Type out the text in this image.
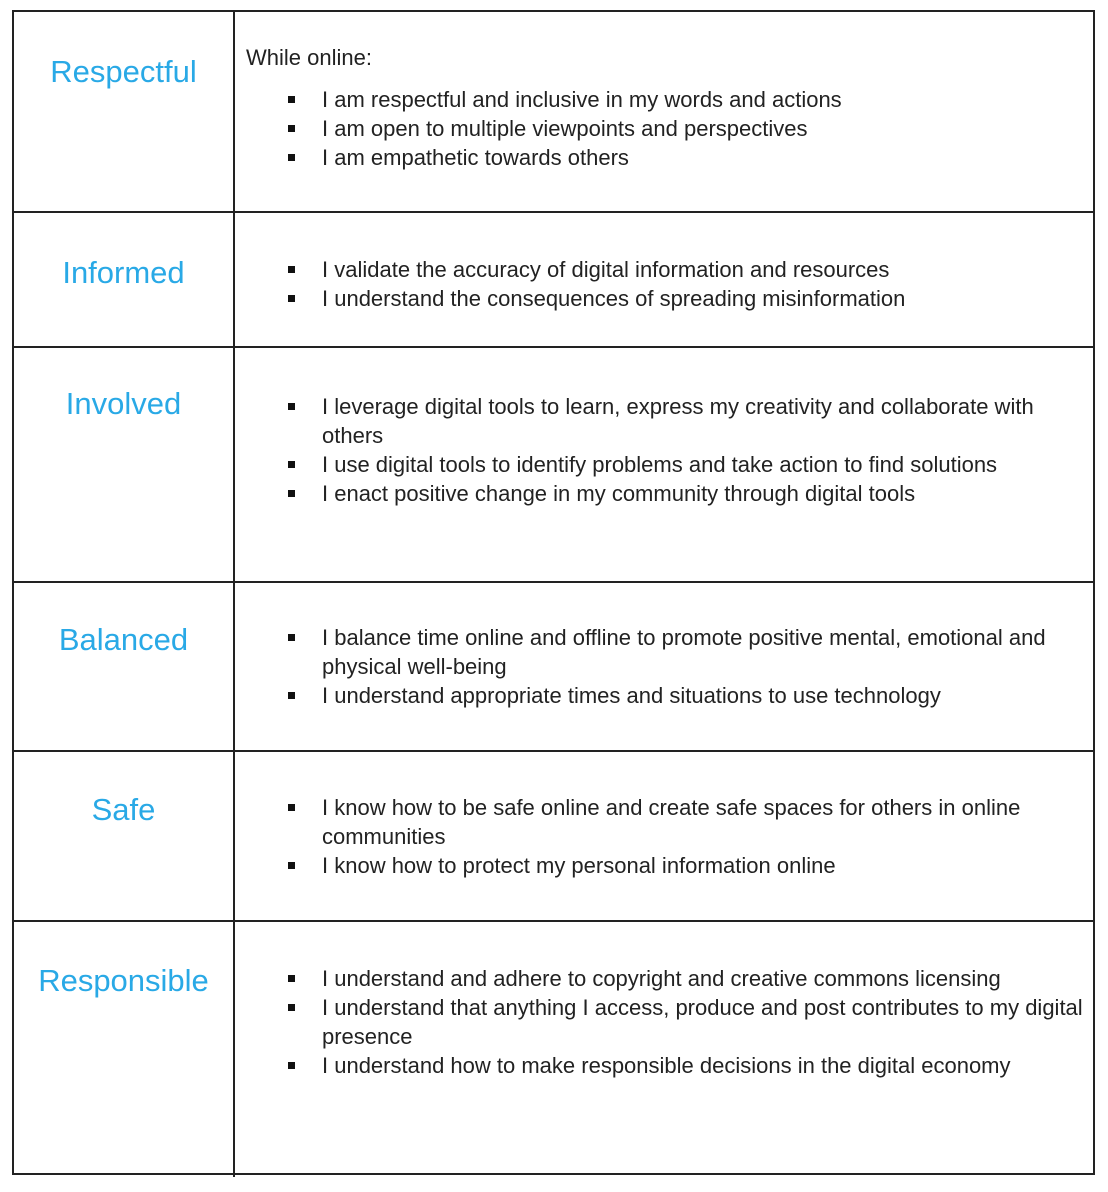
Respectful	While online:
I am respectful and inclusive in my words and actions
I am open to multiple viewpoints and perspectives
I am empathetic towards others
Informed	I validate the accuracy of digital information and resources
I understand the consequences of spreading misinformation
Involved	I leverage digital tools to learn, express my creativity and collaborate with others
I use digital tools to identify problems and take action to find solutions
I enact positive change in my community through digital tools
Balanced	I balance time online and offline to promote positive mental, emotional and physical well-being
I understand appropriate times and situations to use technology
Safe	I know how to be safe online and create safe spaces for others in online communities
I know how to protect my personal information online
Responsible	I understand and adhere to copyright and creative commons licensing
I understand that anything I access, produce and post contributes to my digital presence
I understand how to make responsible decisions in the digital economy
